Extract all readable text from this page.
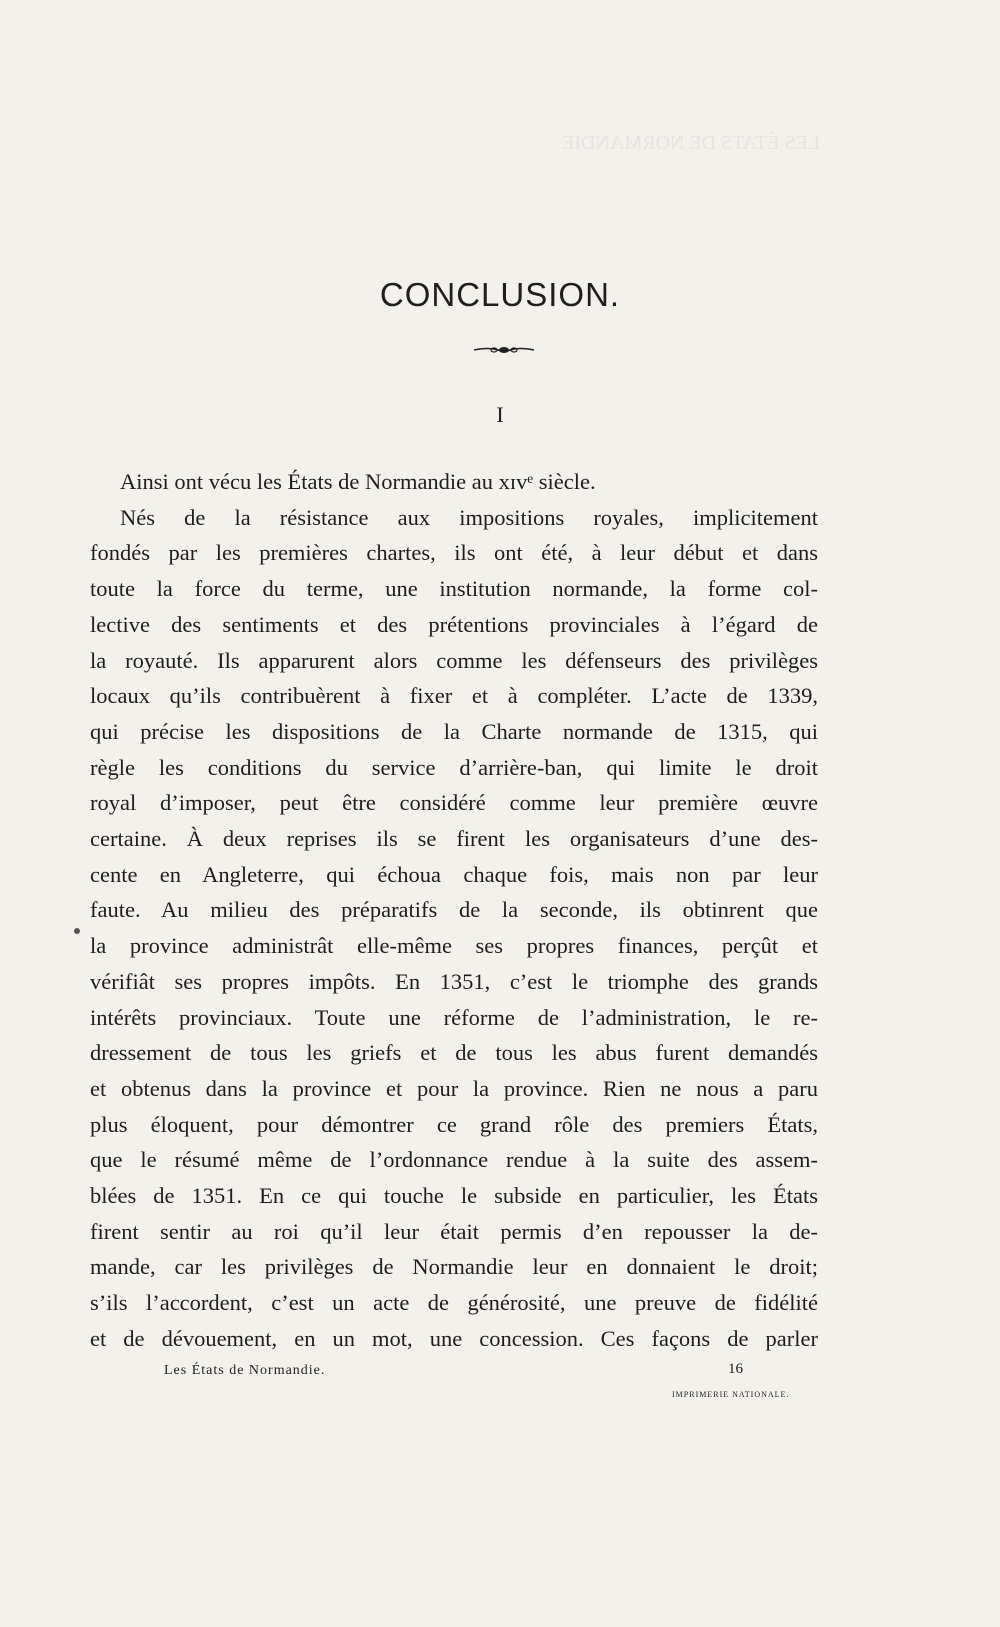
LES ÉTATS DE NORMANDIE
CONCLUSION.
I
Ainsi ont vécu les États de Normandie au xɪvᵉ siècle.
Nés de la résistance aux impositions royales, implicitement
fondés par les premières chartes, ils ont été, à leur début et dans
toute la force du terme, une institution normande, la forme col-
lective des sentiments et des prétentions provinciales à l’égard de
la royauté. Ils apparurent alors comme les défenseurs des privilèges
locaux qu’ils contribuèrent à fixer et à compléter. L’acte de 1339,
qui précise les dispositions de la Charte normande de 1315, qui
règle les conditions du service d’arrière-ban, qui limite le droit
royal d’imposer, peut être considéré comme leur première œuvre
certaine. À deux reprises ils se firent les organisateurs d’une des-
cente en Angleterre, qui échoua chaque fois, mais non par leur
faute. Au milieu des préparatifs de la seconde, ils obtinrent que
la province administrât elle-même ses propres finances, perçût et
vérifiât ses propres impôts. En 1351, c’est le triomphe des grands
intérêts provinciaux. Toute une réforme de l’administration, le re-
dressement de tous les griefs et de tous les abus furent demandés
et obtenus dans la province et pour la province. Rien ne nous a paru
plus éloquent, pour démontrer ce grand rôle des premiers États,
que le résumé même de l’ordonnance rendue à la suite des assem-
blées de 1351. En ce qui touche le subside en particulier, les États
firent sentir au roi qu’il leur était permis d’en repousser la de-
mande, car les privilèges de Normandie leur en donnaient le droit;
s’ils l’accordent, c’est un acte de générosité, une preuve de fidélité
et de dévouement, en un mot, une concession. Ces façons de parler
Les États de Normandie.	16
IMPRIMERIE NATIONALE.
